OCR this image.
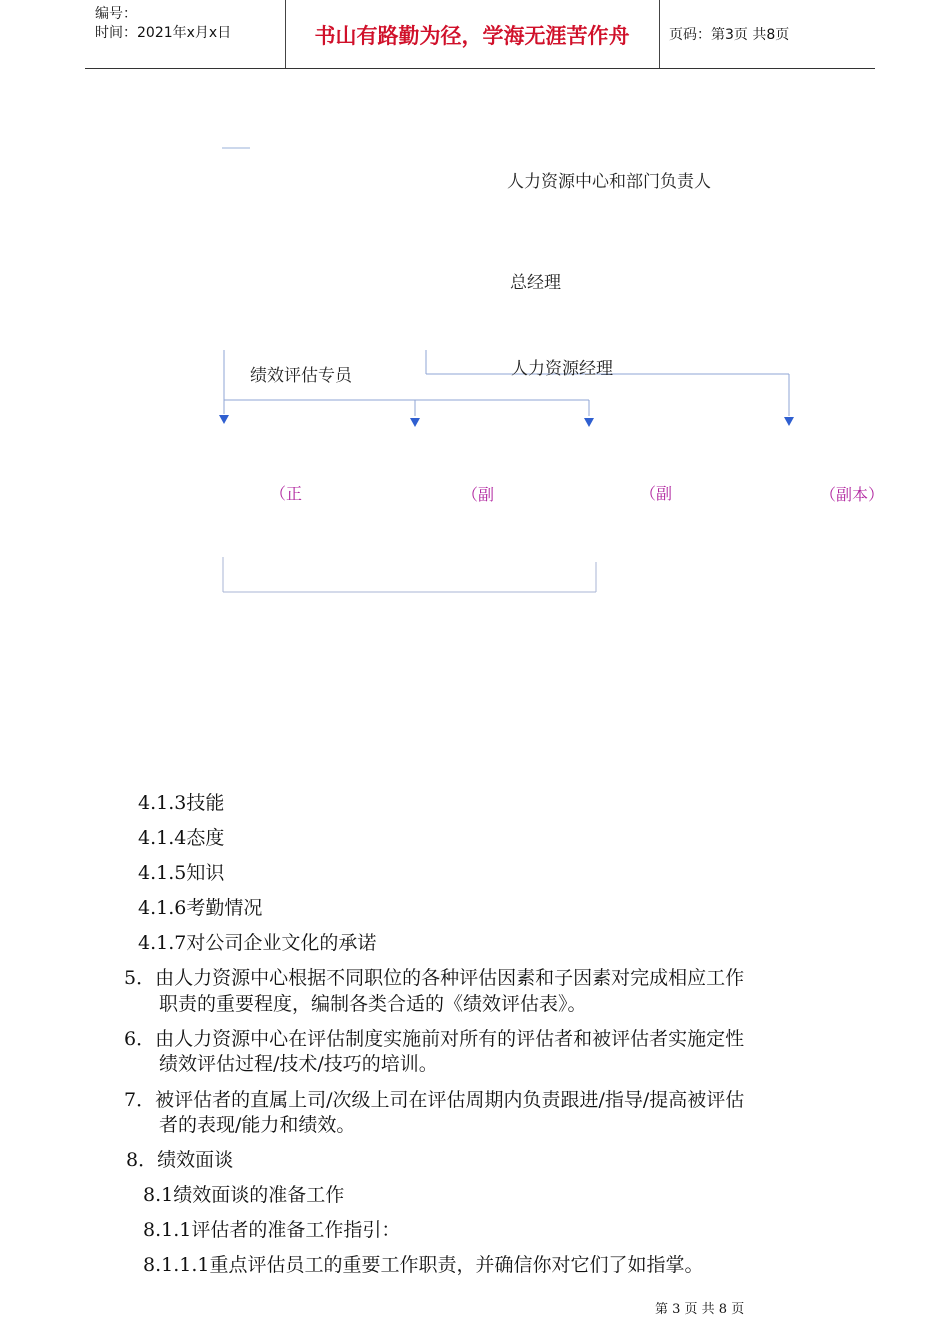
编号：
时间：2021年x月x日	书山有路勤为径，学海无涯苦作舟	页码：第3页 共8页
人力资源中心和部门负责人
总经理
绩效评估专员	人力资源经理
（正	（副	（副	（副本）
4.1.3技能
4.1.4态度
4.1.5知识
4.1.6考勤情况
4.1.7对公司企业文化的承诺
5．由人力资源中心根据不同职位的各种评估因素和子因素对完成相应工作
职责的重要程度，编制各类合适的《绩效评估表》。
6．由人力资源中心在评估制度实施前对所有的评估者和被评估者实施定性
绩效评估过程/技术/技巧的培训。
7．被评估者的直属上司/次级上司在评估周期内负责跟进/指导/提高被评估
者的表现/能力和绩效。
8．绩效面谈
8.1绩效面谈的准备工作
8.1.1评估者的准备工作指引：
8.1.1.1重点评估员工的重要工作职责，并确信你对它们了如指掌。
第 3 页 共 8 页
